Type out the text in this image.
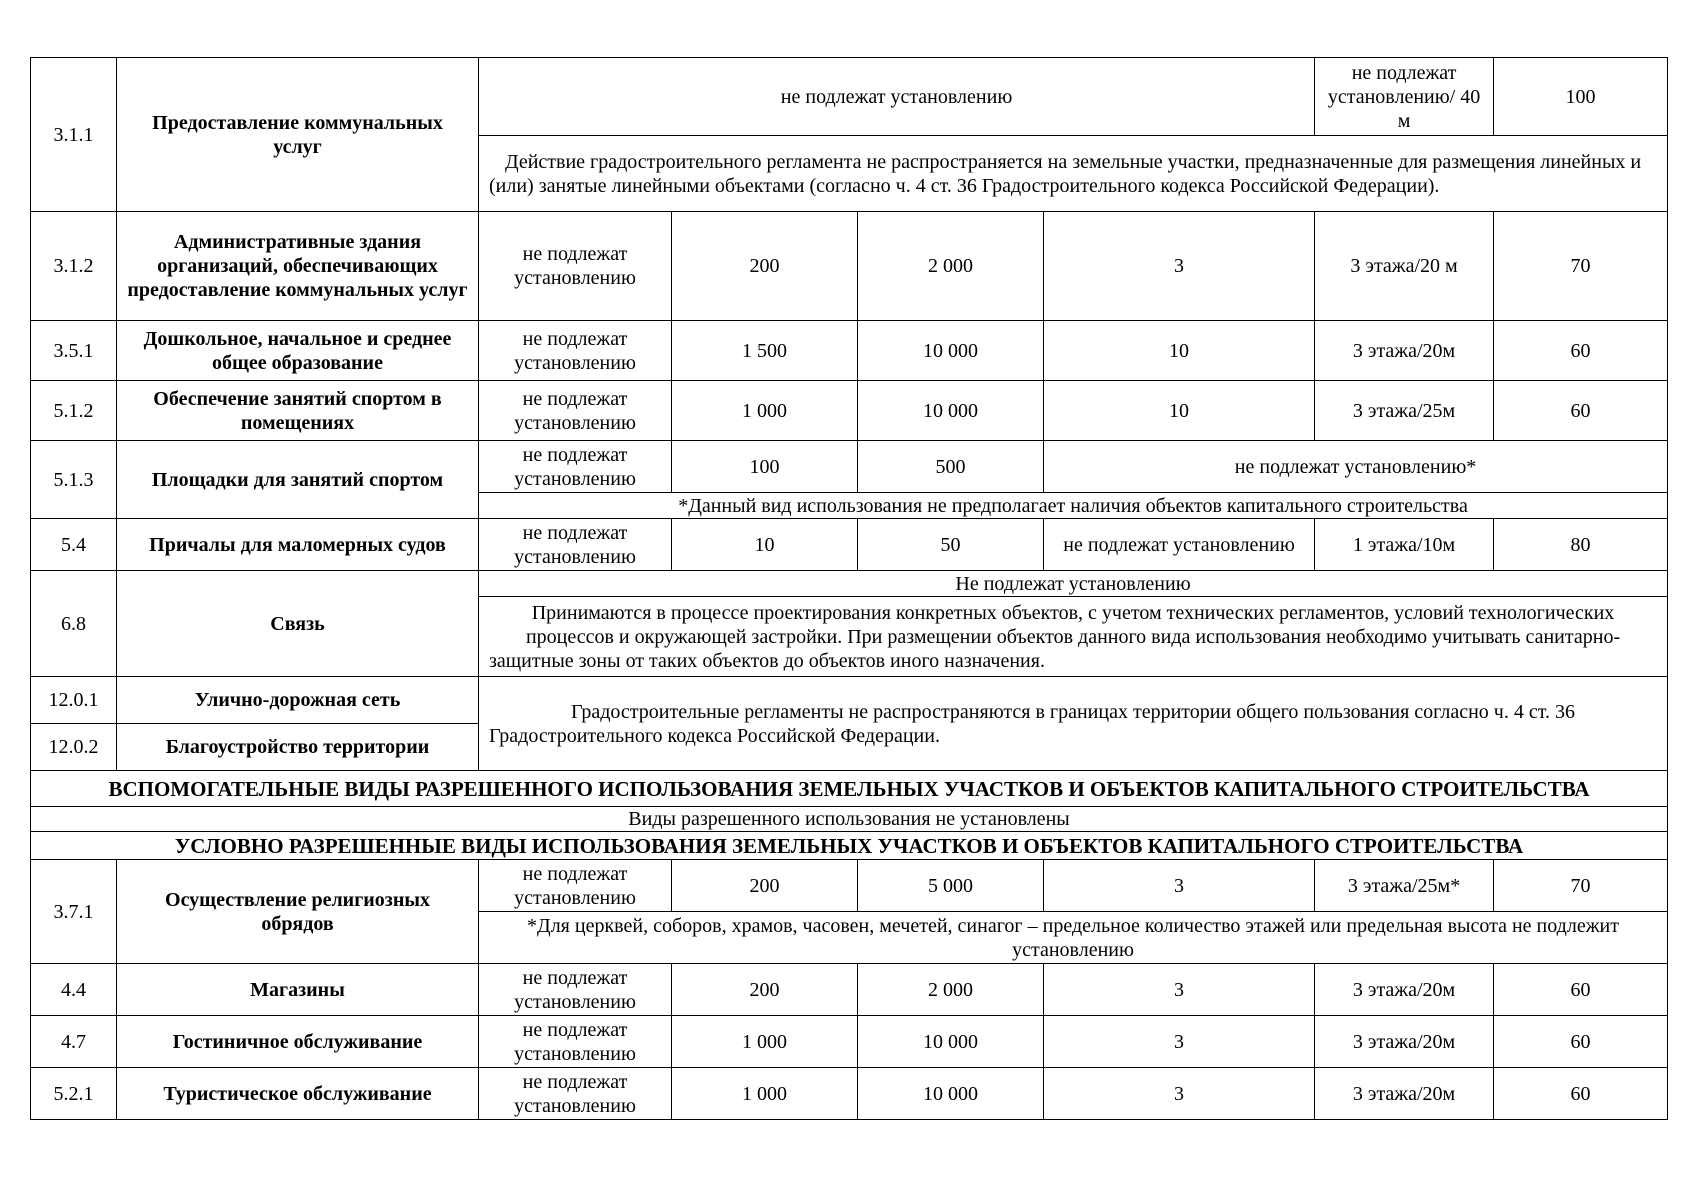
3.1.1	Предоставление коммунальных услуг	не подлежат установлению				не подлежат установлению/ 40 м	100
		Действие градостроительного регламента не распространяется на земельные участки, предназначенные для размещения линейных и (или) занятые линейными объектами (согласно ч. 4 ст. 36 Градостроительного кодекса Российской Федерации).					
3.1.2	Административные здания организаций, обеспечивающих предоставление коммунальных услуг	не подлежат установлению	200	2 000	3	3 этажа/20 м	70
3.5.1	Дошкольное, начальное и среднее общее образование	не подлежат установлению	1 500	10 000	10	3 этажа/20м	60
5.1.2	Обеспечение занятий спортом в помещениях	не подлежат установлению	1 000	10 000	10	3 этажа/25м	60
5.1.3	Площадки для занятий спортом	не подлежат установлению	100	500	не подлежат установлению*		
		*Данный вид использования не предполагает наличия объектов капитального строительства					
5.4	Причалы для маломерных судов	не подлежат установлению	10	50	не подлежат установлению	1 этажа/10м	80
6.8	Связь	Не подлежат установлению					
		Принимаются в процессе проектирования конкретных объектов, с учетом технических регламентов, условий технологических процессов и окружающей застройки. При размещении объектов данного вида использования необходимо учитывать санитарно-защитные зоны от таких объектов до объектов иного назначения.					
12.0.1	Улично-дорожная сеть	Градостроительные регламенты не распространяются в границах территории общего пользования согласно ч. 4 ст. 36 Градостроительного кодекса Российской Федерации.					
12.0.2	Благоустройство территории						
ВСПОМОГАТЕЛЬНЫЕ ВИДЫ РАЗРЕШЕННОГО ИСПОЛЬЗОВАНИЯ ЗЕМЕЛЬНЫХ УЧАСТКОВ И ОБЪЕКТОВ КАПИТАЛЬНОГО СТРОИТЕЛЬСТВА							
Виды разрешенного использования не установлены							
УСЛОВНО РАЗРЕШЕННЫЕ ВИДЫ ИСПОЛЬЗОВАНИЯ ЗЕМЕЛЬНЫХ УЧАСТКОВ И ОБЪЕКТОВ КАПИТАЛЬНОГО СТРОИТЕЛЬСТВА							
3.7.1	Осуществление религиозных обрядов	не подлежат установлению	200	5 000	3	3 этажа/25м*	70
		*Для церквей, соборов, храмов, часовен, мечетей, синагог – предельное количество этажей или предельная высота не подлежит установлению					
4.4	Магазины	не подлежат установлению	200	2 000	3	3 этажа/20м	60
4.7	Гостиничное обслуживание	не подлежат установлению	1 000	10 000	3	3 этажа/20м	60
5.2.1	Туристическое обслуживание	не подлежат установлению	1 000	10 000	3	3 этажа/20м	60
